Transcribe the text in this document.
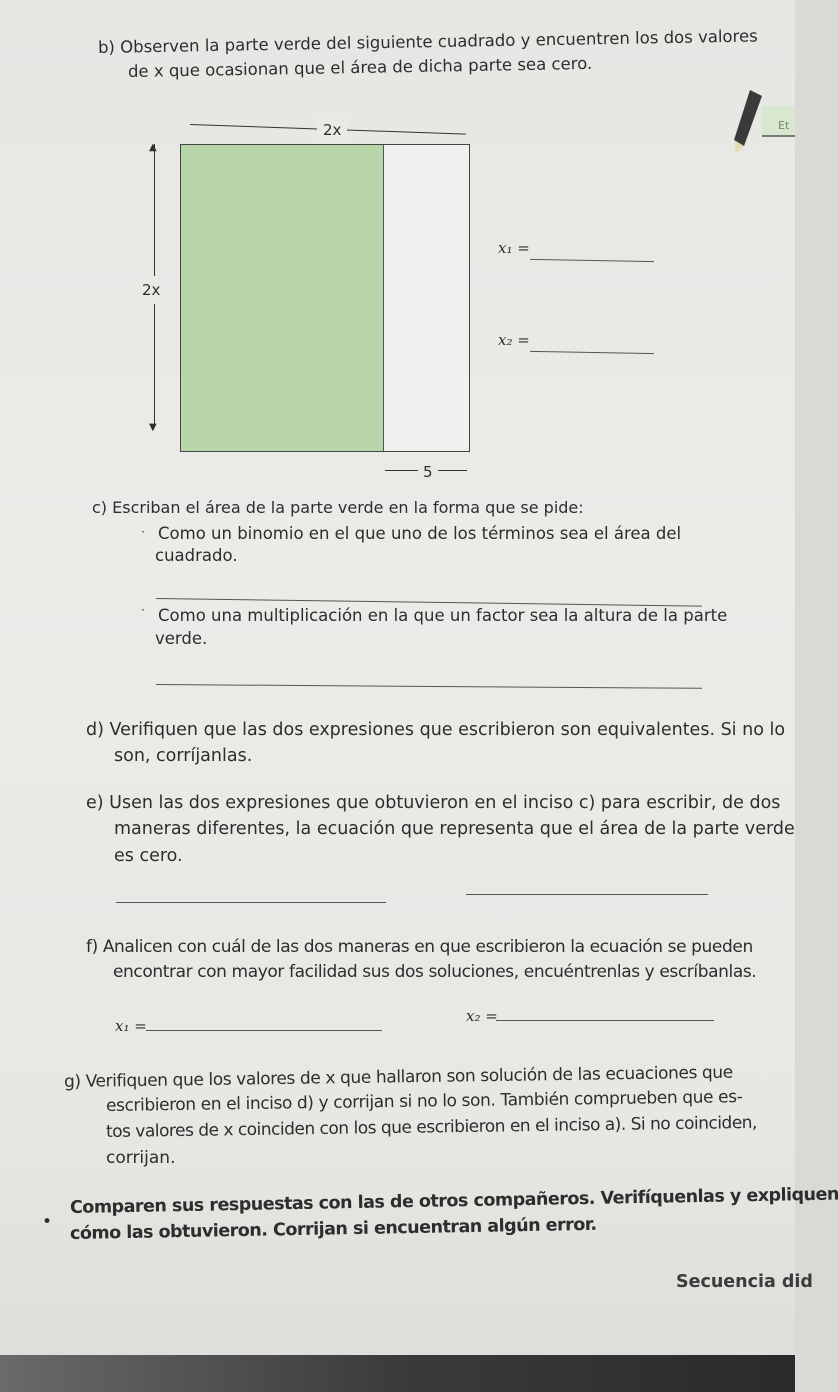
b) Observen la parte verde del siguiente cuadrado y encuentren los dos valores
de x que ocasionan que el área de dicha parte sea cero.
Et
2x
2x
▲
▼
5
x₁ =
x₂ =
c) Escriban el área de la parte verde en la forma que se pide:
· Como un binomio en el que uno de los términos sea el área del
cuadrado.
· Como una multiplicación en la que un factor sea la altura de la parte
verde.
d) Verifiquen que las dos expresiones que escribieron son equivalentes. Si no lo
son, corríjanlas.
e) Usen las dos expresiones que obtuvieron en el inciso c) para escribir, de dos
maneras diferentes, la ecuación que representa que el área de la parte verde
es cero.
f) Analicen con cuál de las dos maneras en que escribieron la ecuación se pueden
encontrar con mayor facilidad sus dos soluciones, encuéntrenlas y escríbanlas.
x₁ =
x₂ =
g) Verifiquen que los valores de x que hallaron son solución de las ecuaciones que
escribieron en el inciso d) y corrijan si no lo son. También comprueben que es-
tos valores de x coinciden con los que escribieron en el inciso a). Si no coinciden,
corrijan.
•
Comparen sus respuestas con las de otros compañeros. Verifíquenlas y expliquen
cómo las obtuvieron. Corrijan si encuentran algún error.
Secuencia did
